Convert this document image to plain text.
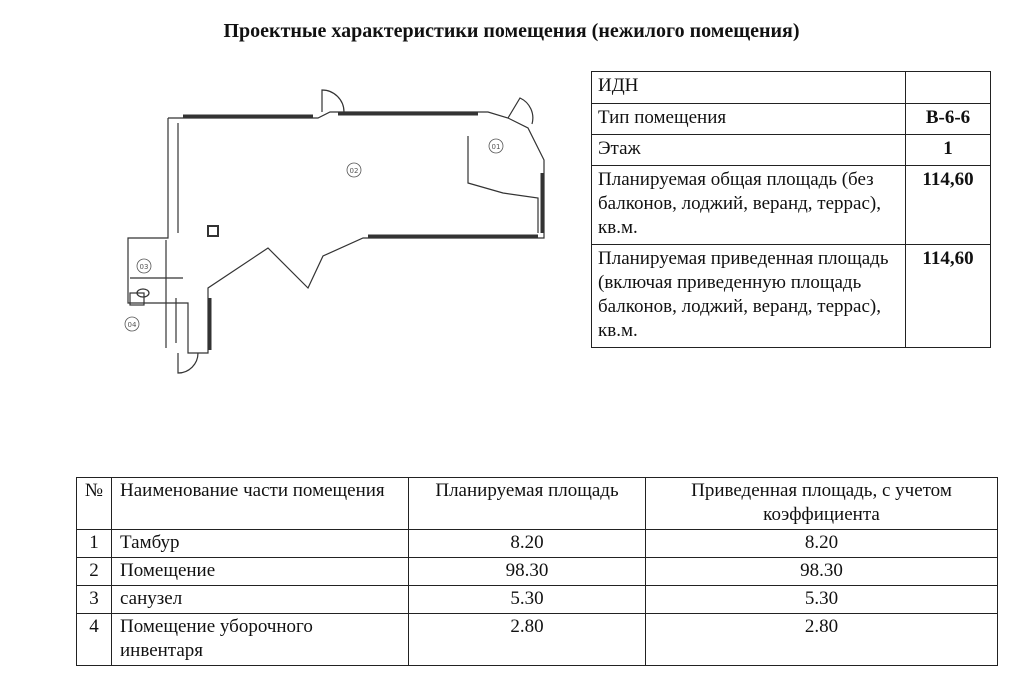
Проектные характеристики помещения (нежилого помещения)
01
02
03
04
ИДН	
Тип помещения	В-6-6
Этаж	1
Планируемая общая площадь (без балконов, лоджий, веранд, террас), кв.м.	114,60
Планируемая приведенная площадь (включая приведенную площадь балконов, лоджий, веранд, террас), кв.м.	114,60
№	Наименование части помещения	Планируемая площадь	Приведенная площадь, с учетом коэффициента
1	Тамбур	8.20	8.20
2	Помещение	98.30	98.30
3	санузел	5.30	5.30
4	Помещение уборочного инвентаря	2.80	2.80
